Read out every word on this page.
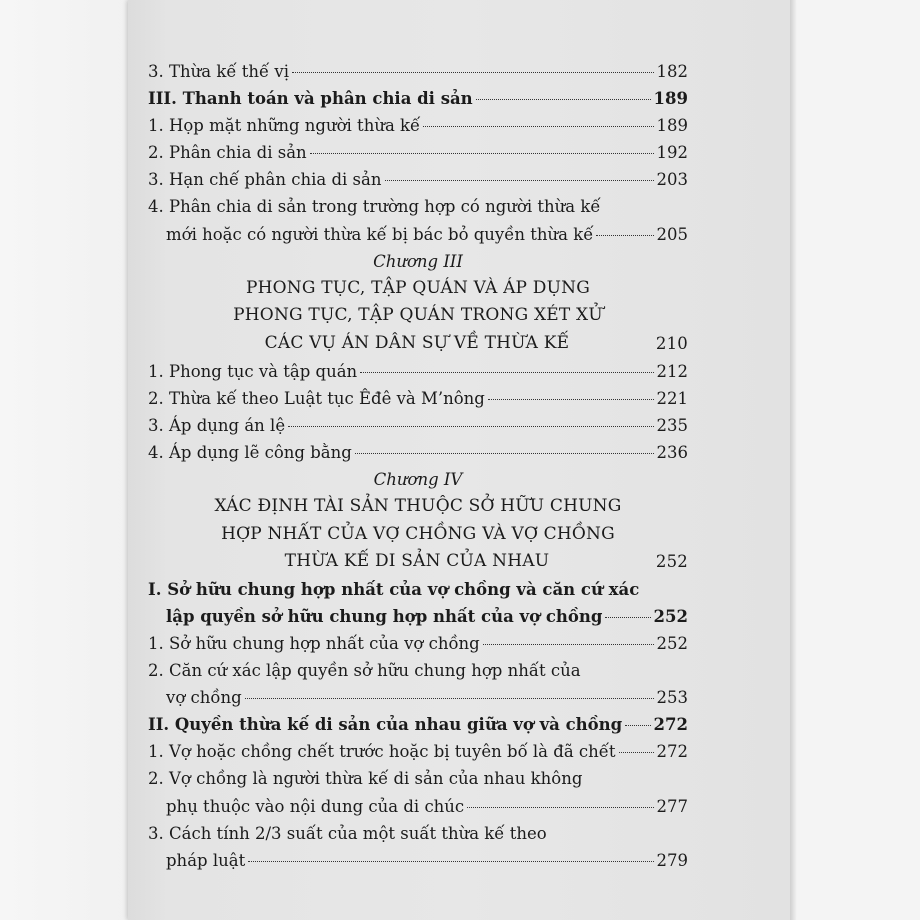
3. Thừa kế thế vị	182
III. Thanh toán và phân chia di sản	189
1. Họp mặt những người thừa kế	189
2. Phân chia di sản	192
3. Hạn chế phân chia di sản	203
4. Phân chia di sản trong trường hợp có người thừa kế
mới hoặc có người thừa kế bị bác bỏ quyền thừa kế	205
Chương III
PHONG TỤC, TẬP QUÁN VÀ ÁP DỤNG
PHONG TỤC, TẬP QUÁN TRONG XÉT XỬ
CÁC VỤ ÁN DÂN SỰ VỀ THỪA KẾ	210
1. Phong tục và tập quán	212
2. Thừa kế theo Luật tục Êđê và M’nông	221
3. Áp dụng án lệ	235
4. Áp dụng lẽ công bằng	236
Chương IV
XÁC ĐỊNH TÀI SẢN THUỘC SỞ HỮU CHUNG
HỢP NHẤT CỦA VỢ CHỒNG VÀ VỢ CHỒNG
THỪA KẾ DI SẢN CỦA NHAU	252
I. Sở hữu chung hợp nhất của vợ chồng và căn cứ xác
lập quyền sở hữu chung hợp nhất của vợ chồng	252
1. Sở hữu chung hợp nhất của vợ chồng	252
2. Căn cứ xác lập quyền sở hữu chung hợp nhất của
vợ chồng	253
II. Quyền thừa kế di sản của nhau giữa vợ và chồng 272
1. Vợ hoặc chồng chết trước hoặc bị tuyên bố là đã chết 272
2. Vợ chồng là người thừa kế di sản của nhau không
phụ thuộc vào nội dung của di chúc	277
3. Cách tính 2/3 suất của một suất thừa kế theo
pháp luật	279
